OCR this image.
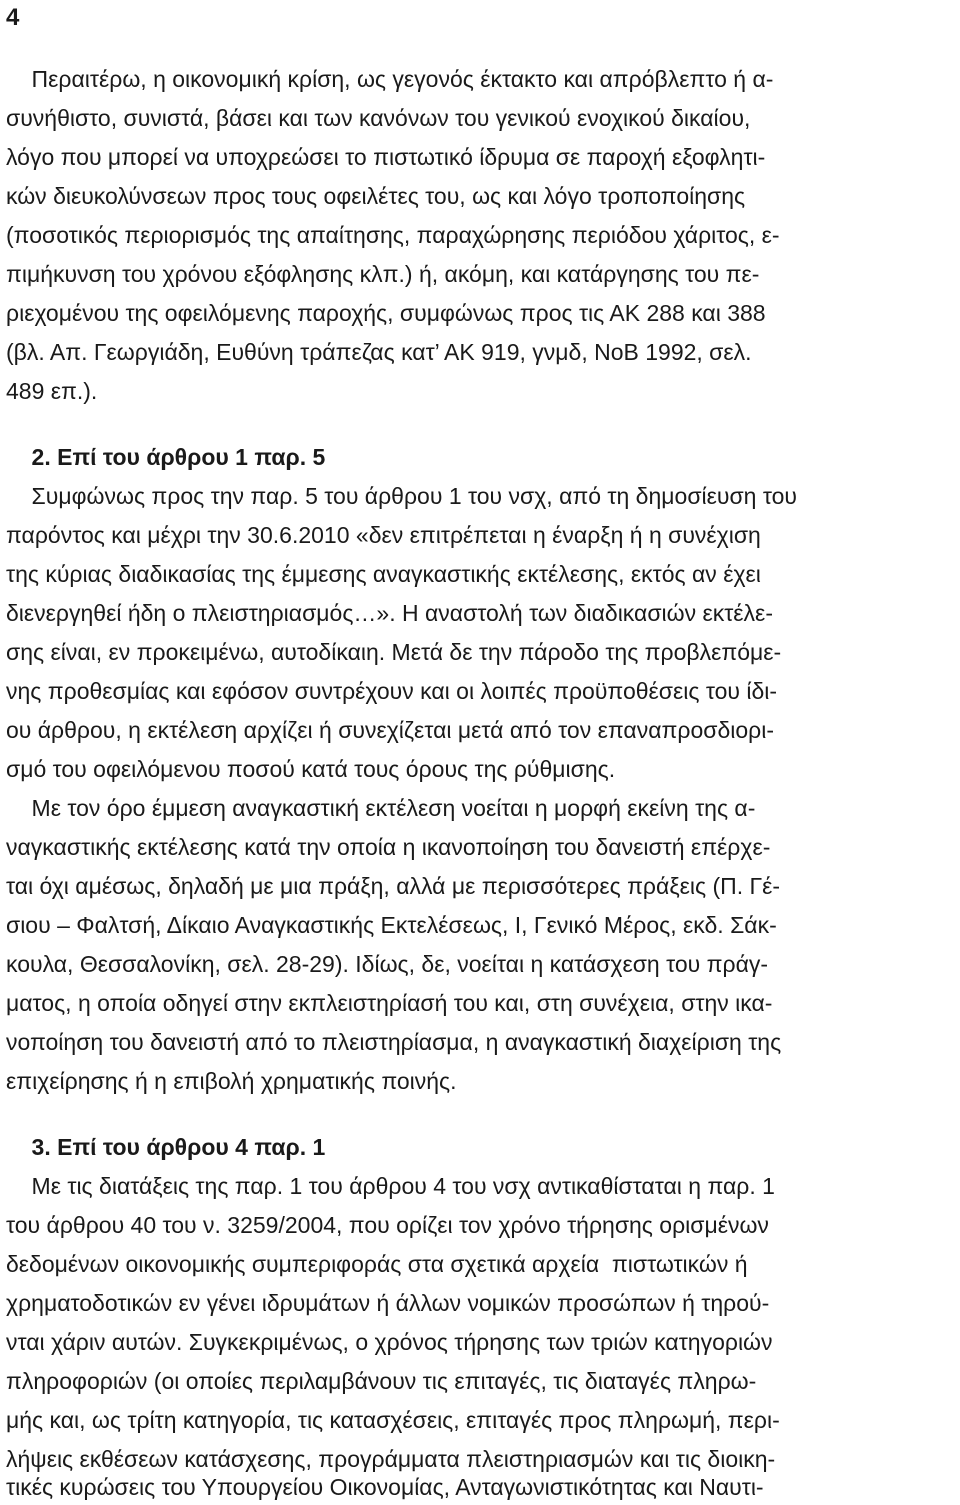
4

Περαιτέρω, η οικονομική κρίση, ως γεγονός έκτακτο και απρόβλεπτο ή α-

συνήθιστο, συνιστά, βάσει και των κανόνων του γενικού ενοχικού δικαίου,

λόγο που μπορεί να υποχρεώσει το πιστωτικό ίδρυμα σε παροχή εξοφλητι-

κών διευκολύνσεων προς τους οφειλέτες του, ως και λόγο τροποποίησης

(ποσοτικός περιορισμός της απαίτησης, παραχώρησης περιόδου χάριτος, ε-

πιμήκυνση του χρόνου εξόφλησης κλπ.) ή, ακόμη, και κατάργησης του πε-

ριεχομένου της οφειλόμενης παροχής, συμφώνως προς τις ΑΚ 288 και 388

(βλ. Απ. Γεωργιάδη, Ευθύνη τράπεζας κατ’ ΑΚ 919, γνμδ, ΝοΒ 1992, σελ.

489 επ.).

2. Επί του άρθρου 1 παρ. 5

Συμφώνως προς την παρ. 5 του άρθρου 1 του νσχ, από τη δημοσίευση του

παρόντος και μέχρι την 30.6.2010 «δεν επιτρέπεται η έναρξη ή η συνέχιση

της κύριας διαδικασίας της έμμεσης αναγκαστικής εκτέλεσης, εκτός αν έχει

διενεργηθεί ήδη ο πλειστηριασμός…». Η αναστολή των διαδικασιών εκτέλε-

σης είναι, εν προκειμένω, αυτοδίκαιη. Μετά δε την πάροδο της προβλεπόμε-

νης προθεσμίας και εφόσον συντρέχουν και οι λοιπές προϋποθέσεις του ίδι-

ου άρθρου, η εκτέλεση αρχίζει ή συνεχίζεται μετά από τον επαναπροσδιορι-

σμό του οφειλόμενου ποσού κατά τους όρους της ρύθμισης.

Με τον όρο έμμεση αναγκαστική εκτέλεση νοείται η μορφή εκείνη της α-

ναγκαστικής εκτέλεσης κατά την οποία η ικανοποίηση του δανειστή επέρχε-

ται όχι αμέσως, δηλαδή με μια πράξη, αλλά με περισσότερες πράξεις (Π. Γέ-

σιου – Φαλτσή, Δίκαιο Αναγκαστικής Εκτελέσεως, Ι, Γενικό Μέρος, εκδ. Σάκ-

κουλα, Θεσσαλονίκη, σελ. 28-29). Ιδίως, δε, νοείται η κατάσχεση του πράγ-

ματος, η οποία οδηγεί στην εκπλειστηρίασή του και, στη συνέχεια, στην ικα-

νοποίηση του δανειστή από το πλειστηρίασμα, η αναγκαστική διαχείριση της

επιχείρησης ή η επιβολή χρηματικής ποινής.

3. Επί του άρθρου 4 παρ. 1

Με τις διατάξεις της παρ. 1 του άρθρου 4 του νσχ αντικαθίσταται η παρ. 1

του άρθρου 40 του ν. 3259/2004, που ορίζει τον χρόνο τήρησης ορισμένων

δεδομένων οικονομικής συμπεριφοράς στα σχετικά αρχεία  πιστωτικών ή

χρηματοδοτικών εν γένει ιδρυμάτων ή άλλων νομικών προσώπων ή τηρού-

νται χάριν αυτών. Συγκεκριμένως, ο χρόνος τήρησης των τριών κατηγοριών

πληροφοριών (οι οποίες περιλαμβάνουν τις επιταγές, τις διαταγές πληρω-

μής και, ως τρίτη κατηγορία, τις κατασχέσεις, επιταγές προς πληρωμή, περι-

λήψεις εκθέσεων κατάσχεσης, προγράμματα πλειστηριασμών και τις διοικη-

τικές κυρώσεις του Υπουργείου Οικονομίας, Ανταγωνιστικότητας και Ναυτι-
